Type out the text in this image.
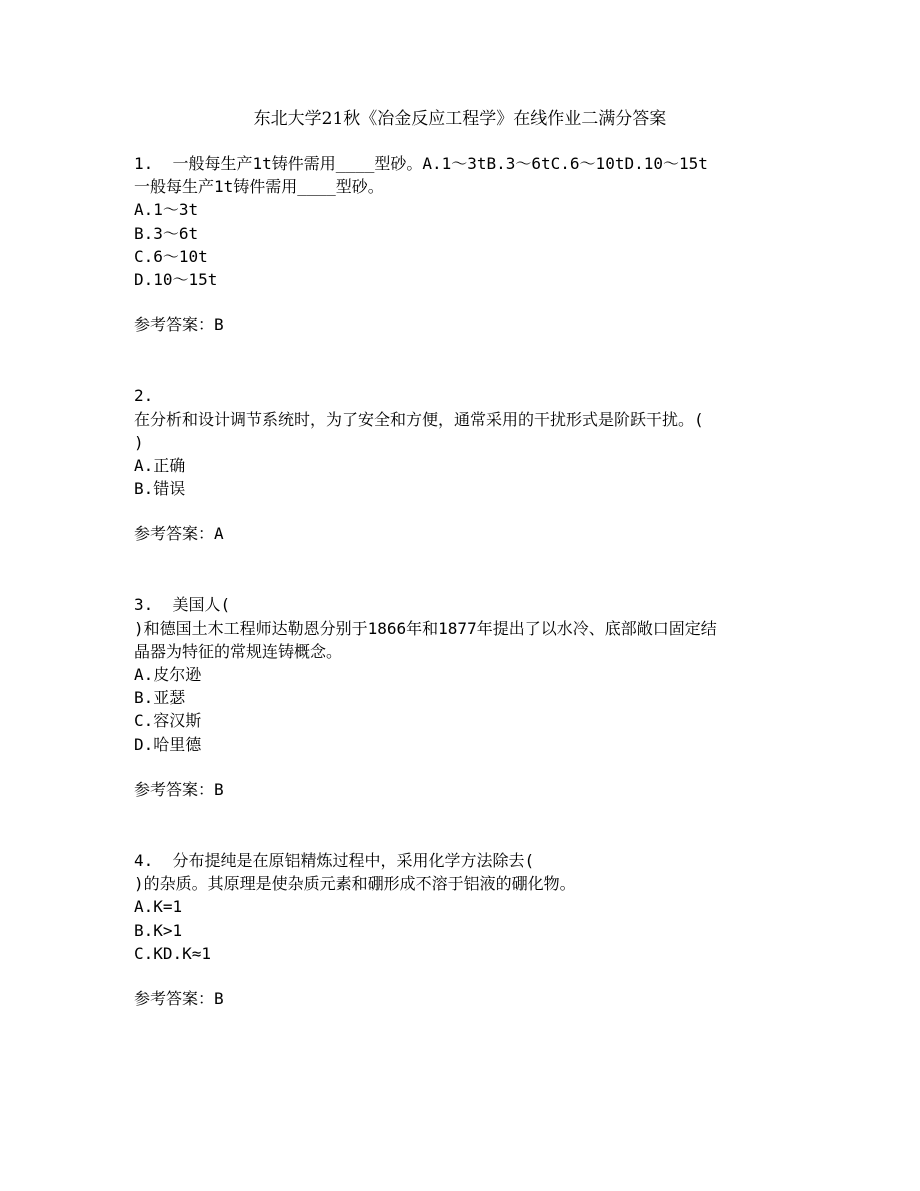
东北大学21秋《冶金反应工程学》在线作业二满分答案
1.  一般每生产1t铸件需用____型砂。A.1～3tB.3～6tC.6～10tD.10～15t
一般每生产1t铸件需用____型砂。
A.1～3t
B.3～6t
C.6～10t
D.10～15t
参考答案：B
2.
在分析和设计调节系统时，为了安全和方便，通常采用的干扰形式是阶跃干扰。(
)
A.正确
B.错误
参考答案：A
3.  美国人(
)和德国土木工程师达勒恩分别于1866年和1877年提出了以水冷、底部敞口固定结
晶器为特征的常规连铸概念。
A.皮尔逊
B.亚瑟
C.容汉斯
D.哈里德
参考答案：B
4.  分布提纯是在原铝精炼过程中，采用化学方法除去(
)的杂质。其原理是使杂质元素和硼形成不溶于铝液的硼化物。
A.K=1
B.K>1
C.KD.K≈1
参考答案：B
